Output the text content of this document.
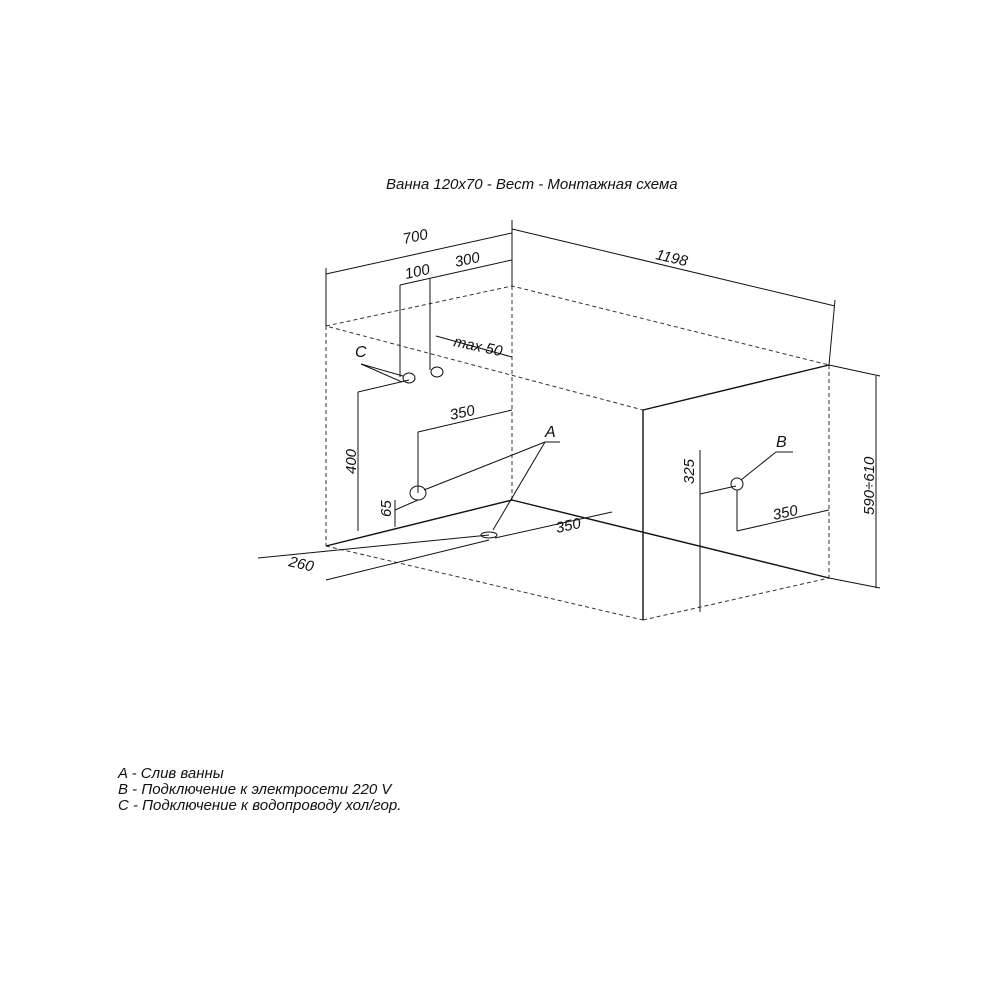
Ванна 120х70 - Вест - Монтажная схема
700
1198
100
300
max 50
C
400
350
65
A
260
350
B
325
350	590÷610
A - Слив ванны
B - Подключение к электросети 220 V
C - Подключение к водопроводу хол/гор.
